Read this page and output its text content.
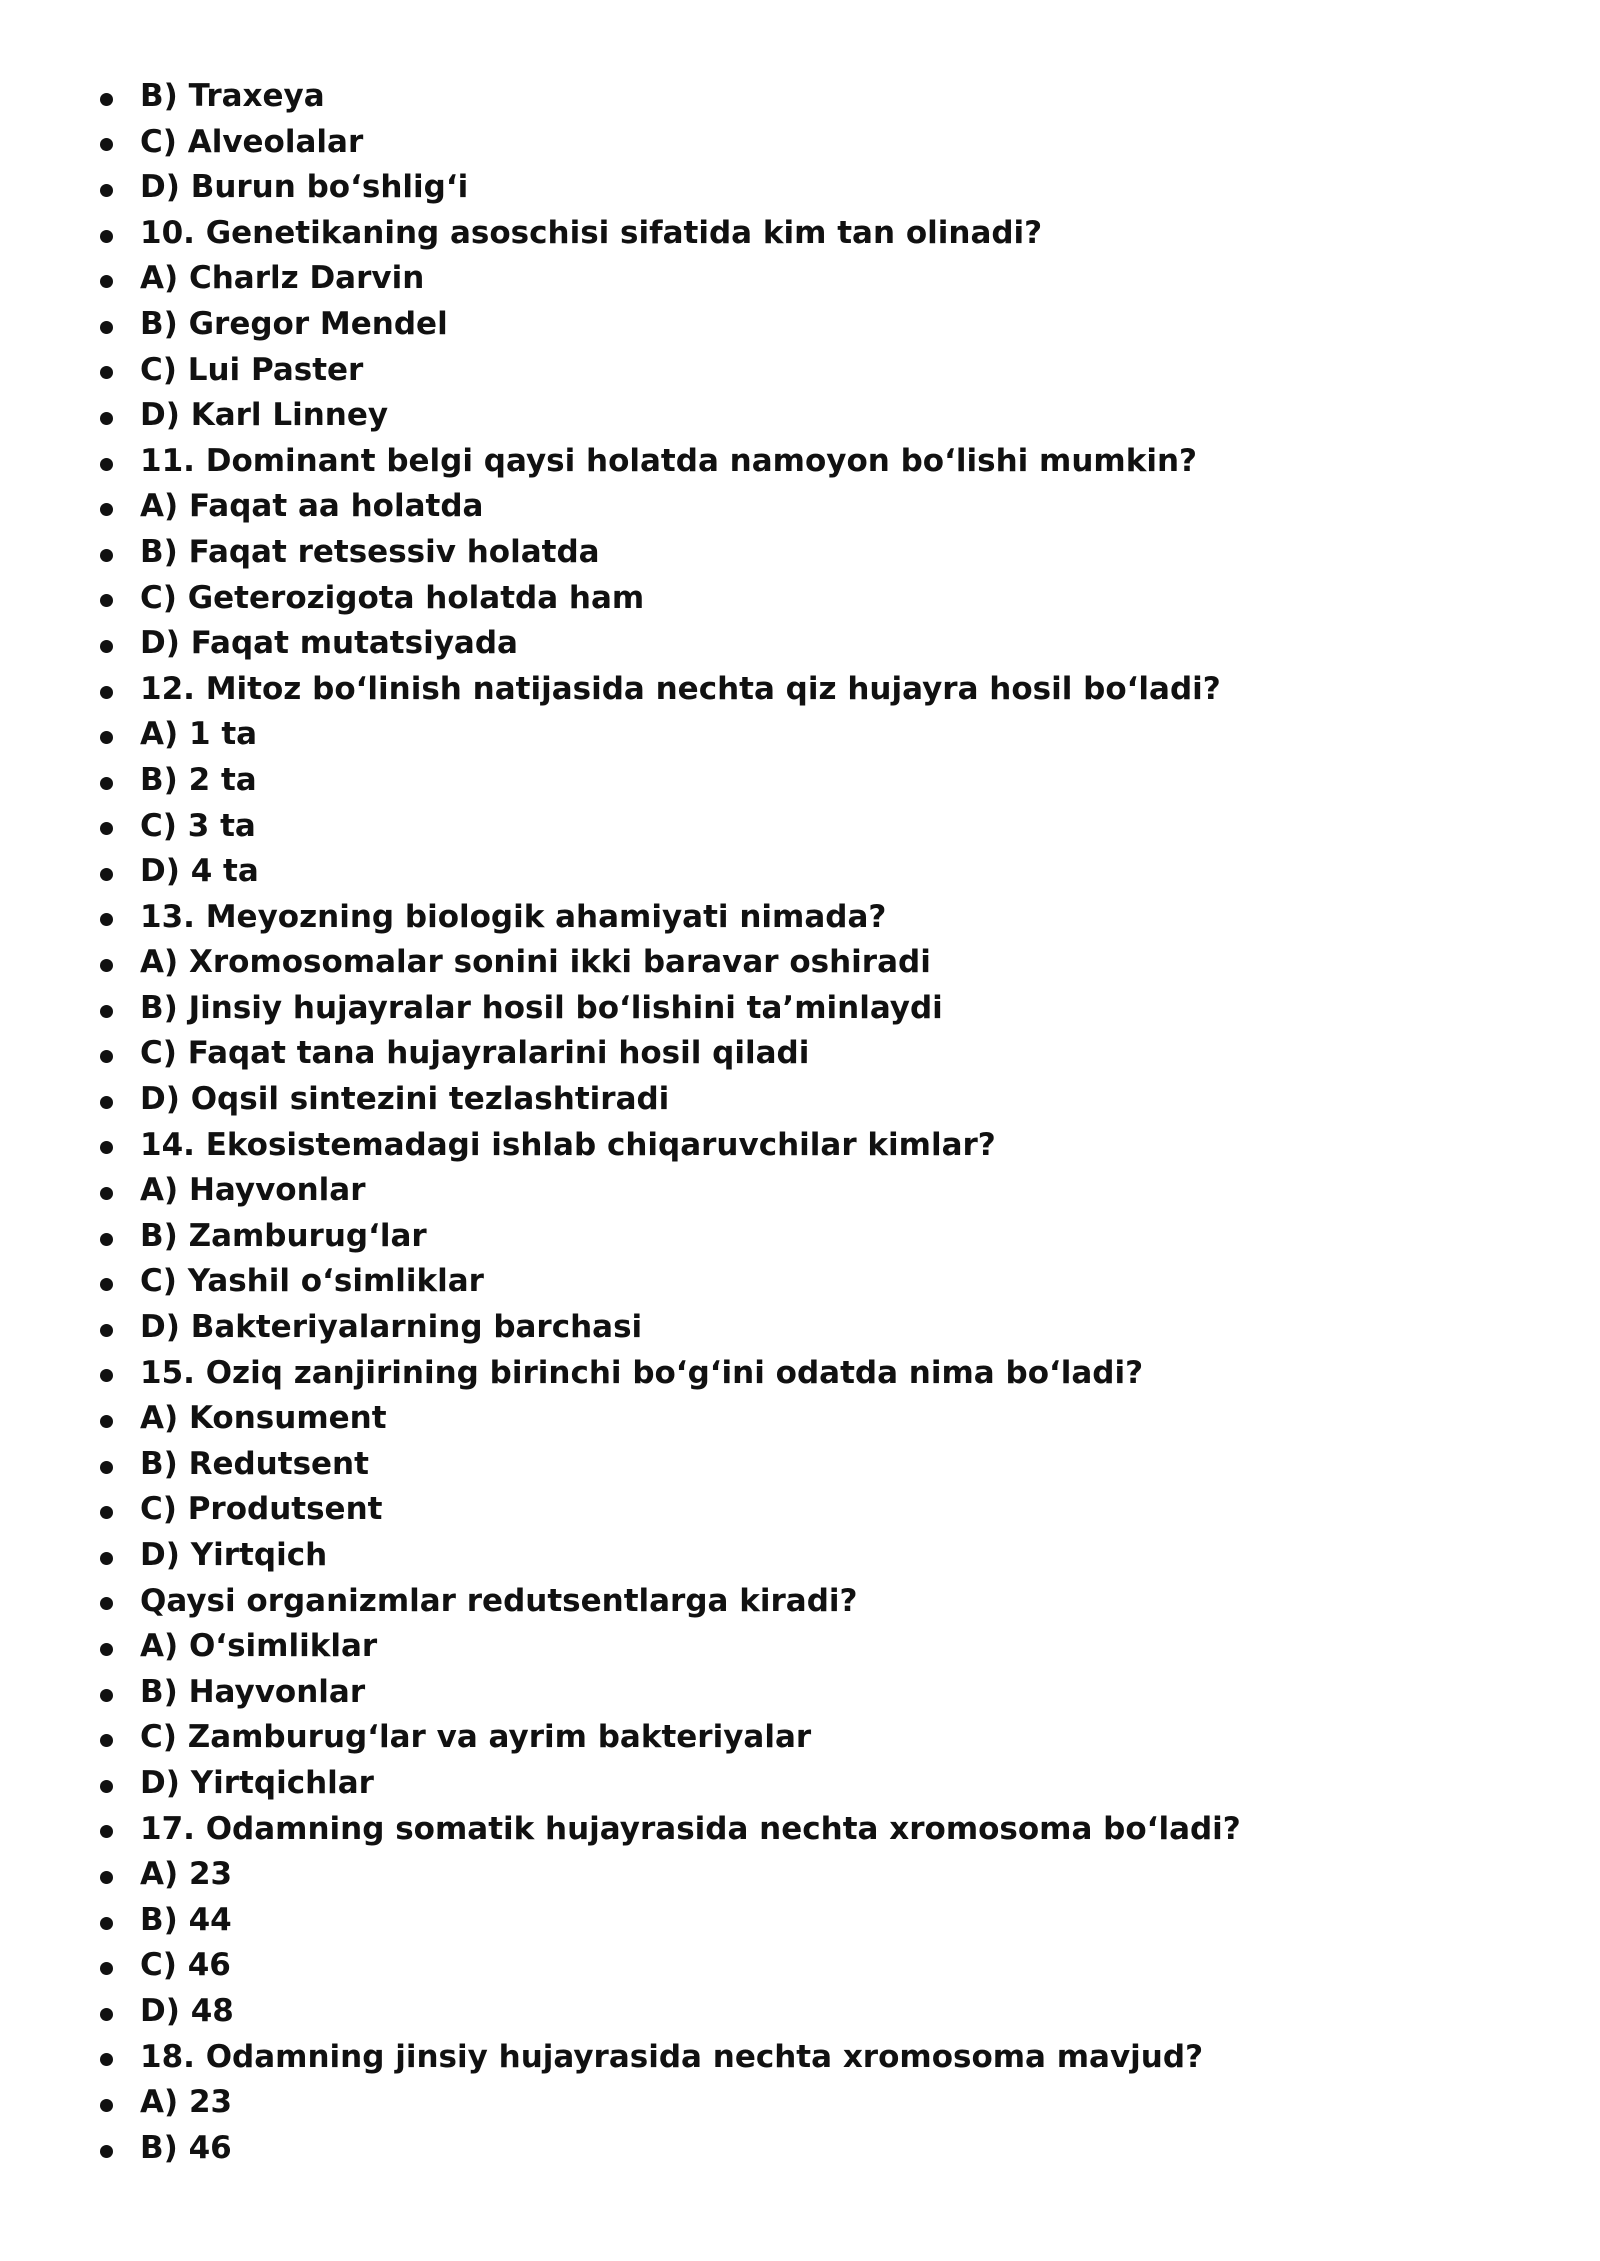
B) Traxeya
C) Alveolalar
D) Burun bo‘shlig‘i
10. Genetikaning asoschisi sifatida kim tan olinadi?
A) Charlz Darvin
B) Gregor Mendel
C) Lui Paster
D) Karl Linney
11. Dominant belgi qaysi holatda namoyon bo‘lishi mumkin?
A) Faqat aa holatda
B) Faqat retsessiv holatda
C) Geterozigota holatda ham
D) Faqat mutatsiyada
12. Mitoz bo‘linish natijasida nechta qiz hujayra hosil bo‘ladi?
A) 1 ta
B) 2 ta
C) 3 ta
D) 4 ta
13. Meyozning biologik ahamiyati nimada?
A) Xromosomalar sonini ikki baravar oshiradi
B) Jinsiy hujayralar hosil bo‘lishini ta’minlaydi
C) Faqat tana hujayralarini hosil qiladi
D) Oqsil sintezini tezlashtiradi
14. Ekosistemadagi ishlab chiqaruvchilar kimlar?
A) Hayvonlar
B) Zamburug‘lar
C) Yashil o‘simliklar
D) Bakteriyalarning barchasi
15. Oziq zanjirining birinchi bo‘g‘ini odatda nima bo‘ladi?
A) Konsument
B) Redutsent
C) Produtsent
D) Yirtqich
Qaysi organizmlar redutsentlarga kiradi?
A) O‘simliklar
B) Hayvonlar
C) Zamburug‘lar va ayrim bakteriyalar
D) Yirtqichlar
17. Odamning somatik hujayrasida nechta xromosoma bo‘ladi?
A) 23
B) 44
C) 46
D) 48
18. Odamning jinsiy hujayrasida nechta xromosoma mavjud?
A) 23
B) 46
